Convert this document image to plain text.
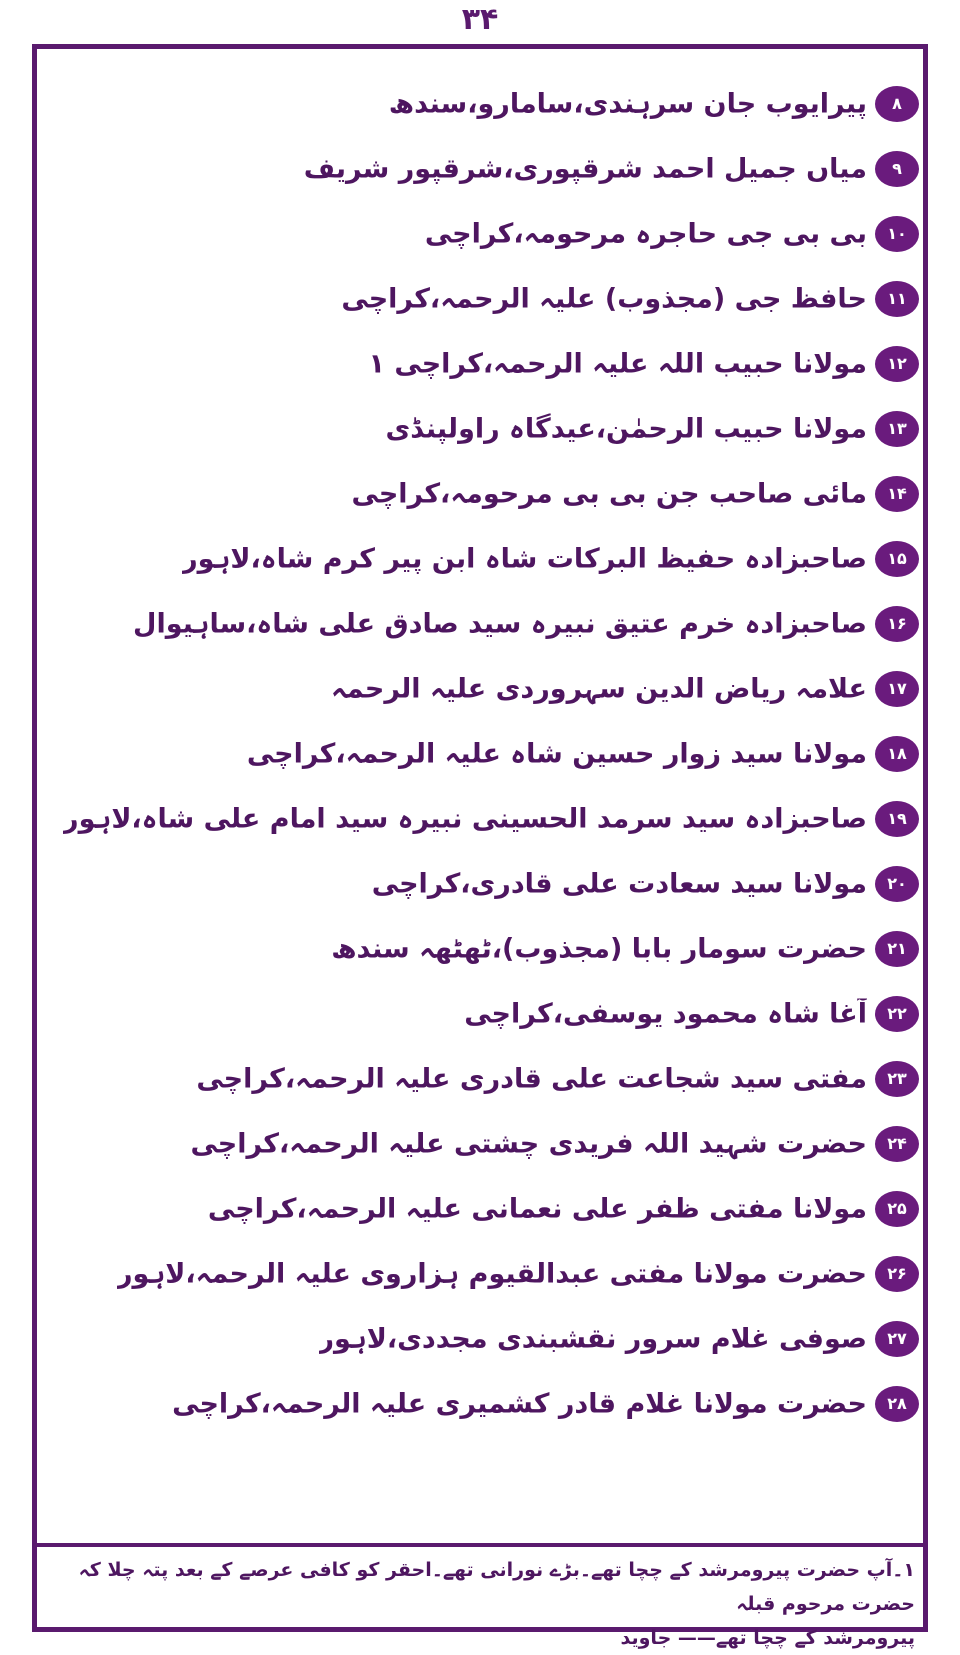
۳۴
۸
پیرایوب جان سرہندی،سامارو،سندھ
۹
میاں جمیل احمد شرقپوری،شرقپور شریف
۱۰
بی بی جی حاجرہ مرحومہ،کراچی
۱۱
حافظ جی (مجذوب) علیہ الرحمہ،کراچی
۱۲
مولانا حبیب اللہ علیہ الرحمہ،کراچی ۱
۱۳
مولانا حبیب الرحمٰن،عیدگاہ راولپنڈی
۱۴
مائی صاحب جن بی بی مرحومہ،کراچی
۱۵
صاحبزادہ حفیظ البرکات شاہ ابن پیر کرم شاہ،لاہور
۱۶
صاحبزادہ خرم عتیق نبیرہ سید صادق علی شاہ،ساہیوال
۱۷
علامہ ریاض الدین سہروردی علیہ الرحمہ
۱۸
مولانا سید زوار حسین شاہ علیہ الرحمہ،کراچی
۱۹
صاحبزادہ سید سرمد الحسینی نبیرہ سید امام علی شاہ،لاہور
۲۰
مولانا سید سعادت علی قادری،کراچی
۲۱
حضرت سومار بابا (مجذوب)،ٹھٹھہ سندھ
۲۲
آغا شاہ محمود یوسفی،کراچی
۲۳
مفتی سید شجاعت علی قادری علیہ الرحمہ،کراچی
۲۴
حضرت شہید اللہ فریدی چشتی علیہ الرحمہ،کراچی
۲۵
مولانا مفتی ظفر علی نعمانی علیہ الرحمہ،کراچی
۲۶
حضرت مولانا مفتی عبدالقیوم ہزاروی علیہ الرحمہ،لاہور
۲۷
صوفی غلام سرور نقشبندی مجددی،لاہور
۲۸
حضرت مولانا غلام قادر کشمیری علیہ الرحمہ،کراچی
۱۔آپ حضرت پیرومرشد کے چچا تھے۔بڑے نورانی تھے۔احقر کو کافی عرصے کے بعد پتہ چلا کہ حضرت مرحوم قبلہ
پیرومرشد کے چچا تھے—— جاوید
